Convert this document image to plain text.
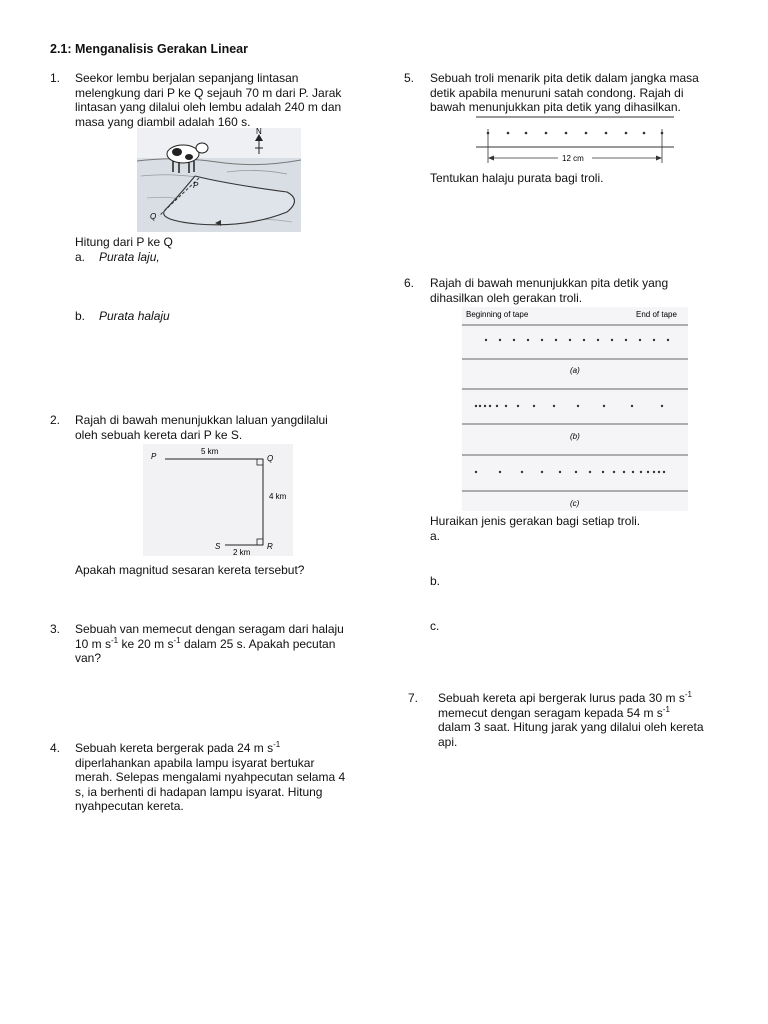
2.1: Menganalisis Gerakan Linear
1.	Seekor lembu berjalan sepanjang lintasan
melengkung dari P ke Q sejauh 70 m dari P. Jarak
lintasan yang dilalui oleh lembu adalah 240 m dan
masa yang diambil adalah 160 s.
N
P
Q
Hitung dari P ke Q
a. Purata laju,
b. Purata halaju
2.	Rajah di bawah menunjukkan laluan yangdilalui
oleh sebuah kereta dari P ke S.
P	Q
R
S
5 km
4 km
2 km
Apakah magnitud sesaran kereta tersebut?
3.	Sebuah van memecut dengan seragam dari halaju
10 m $s^{-1}$ ke 20 m $s^{-1}$ dalam 25 s. Apakah pecutan
van?
4.	Sebuah kereta bergerak pada 24 m $s^{-1}$
diperlahankan apabila lampu isyarat bertukar
merah. Selepas mengalami nyahpecutan selama 4
s, ia berhenti di hadapan lampu isyarat. Hitung
nyahpecutan kereta.
5.	Sebuah troli menarik pita detik dalam jangka masa
detik apabila menuruni satah condong. Rajah di
bawah menunjukkan pita detik yang dihasilkan.
12 cm
Tentukan halaju purata bagi troli.
6.	Rajah di bawah menunjukkan pita detik yang
dihasilkan oleh gerakan troli.
Beginning of tape	End of tape
(a)
(b)
(c)
Huraikan jenis gerakan bagi setiap troli.
a.
b.
c.
7.	Sebuah kereta api bergerak lurus pada 30 m $s^{-1}$
memecut dengan seragam kepada 54 m $s^{-1}$
dalam 3 saat. Hitung jarak yang dilalui oleh kereta
api.
